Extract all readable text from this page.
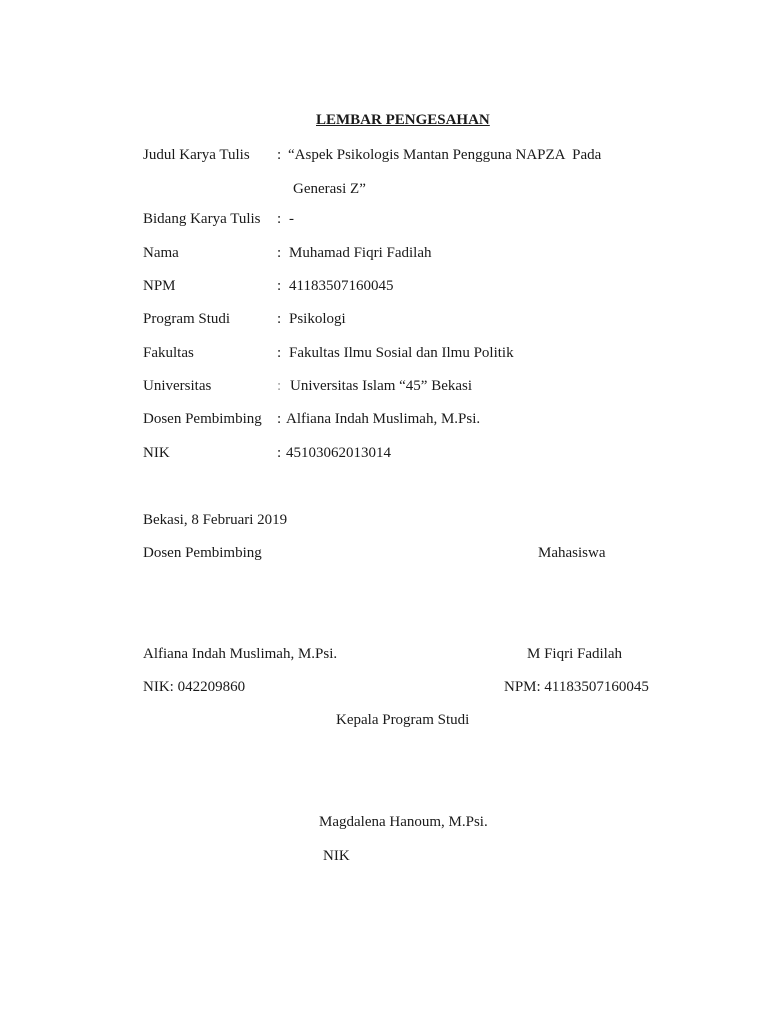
LEMBAR PENGESAHAN
Judul Karya Tulis : “Aspek Psikologis Mantan Pengguna NAPZA  Pada
Generasi Z”
Bidang Karya Tulis : -
Nama	: Muhamad Fiqri Fadilah
NPM	: 41183507160045
Program Studi	: Psikologi
Fakultas	: Fakultas Ilmu Sosial dan Ilmu Politik
Universitas	: Universitas Islam “45” Bekasi
Dosen Pembimbing : Alfiana Indah Muslimah, M.Psi.
NIK	: 45103062013014
Bekasi, 8 Februari 2019
Dosen Pembimbing	Mahasiswa
Alfiana Indah Muslimah, M.Psi.	M Fiqri Fadilah
NIK: 042209860	NPM: 41183507160045
Kepala Program Studi
Magdalena Hanoum, M.Psi.
NIK
